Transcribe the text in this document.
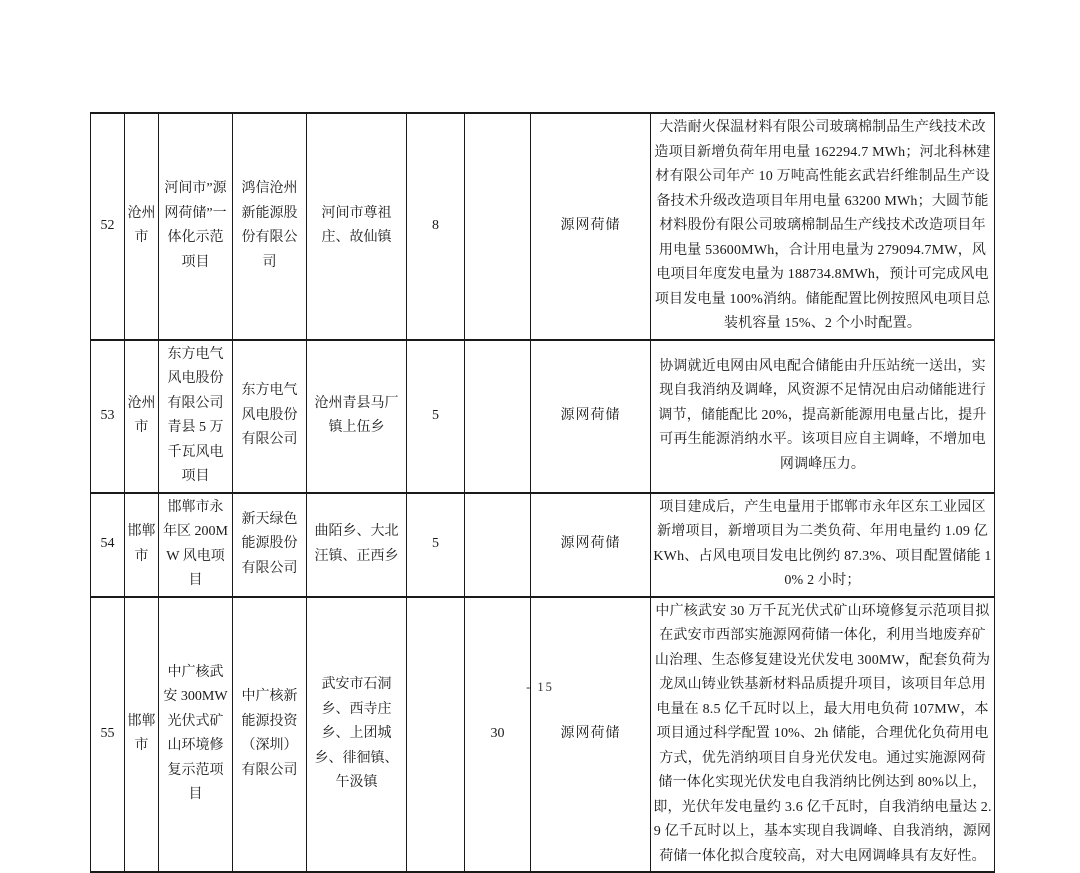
52	沧州市	河间市”源网荷储”一体化示范项目	鸿信沧州新能源股份有限公司	河间市尊祖庄、故仙镇	8		源网荷储	大浩耐火保温材料有限公司玻璃棉制品生产线技术改造项目新增负荷年用电量 162294.7 MWh；河北科林建材有限公司年产 10 万吨高性能玄武岩纤维制品生产设备技术升级改造项目年用电量 63200 MWh；大圆节能材料股份有限公司玻璃棉制品生产线技术改造项目年用电量 53600MWh，合计用电量为 279094.7MW，风电项目年度发电量为 188734.8MWh，预计可完成风电项目发电量 100%消纳。储能配置比例按照风电项目总装机容量 15%、2 个小时配置。
53	沧州市	东方电气风电股份有限公司青县 5 万千瓦风电项目	东方电气风电股份有限公司	沧州青县马厂镇上伍乡	5		源网荷储	协调就近电网由风电配合储能由升压站统一送出，实现自我消纳及调峰，风资源不足情况由启动储能进行调节，储能配比 20%，提高新能源用电量占比，提升可再生能源消纳水平。该项目应自主调峰，不增加电网调峰压力。
54	邯郸市	邯郸市永年区 200MW 风电项目	新天绿色能源股份有限公司	曲陌乡、大北汪镇、正西乡	5		源网荷储	项目建成后，产生电量用于邯郸市永年区东工业园区新增项目，新增项目为二类负荷、年用电量约 1.09 亿 KWh、占风电项目发电比例约 87.3%、项目配置储能 10% 2 小时；
55	邯郸市	中广核武安 300MW 光伏式矿山环境修复示范项目	中广核新能源投资（深圳）有限公司	武安市石洞乡、西寺庄乡、上团城乡、徘徊镇、午汲镇		30	源网荷储	中广核武安 30 万千瓦光伏式矿山环境修复示范项目拟在武安市西部实施源网荷储一体化，利用当地废弃矿山治理、生态修复建设光伏发电 300MW，配套负荷为龙凤山铸业铁基新材料品质提升项目，该项目年总用电量在 8.5 亿千瓦时以上，最大用电负荷 107MW，本项目通过科学配置 10%、2h 储能，合理优化负荷用电方式，优先消纳项目自身光伏发电。通过实施源网荷储一体化实现光伏发电自我消纳比例达到 80%以上，即，光伏年发电量约 3.6 亿千瓦时，自我消纳电量达 2.9 亿千瓦时以上，基本实现自我调峰、自我消纳，源网荷储一体化拟合度较高，对大电网调峰具有友好性。
- 15
